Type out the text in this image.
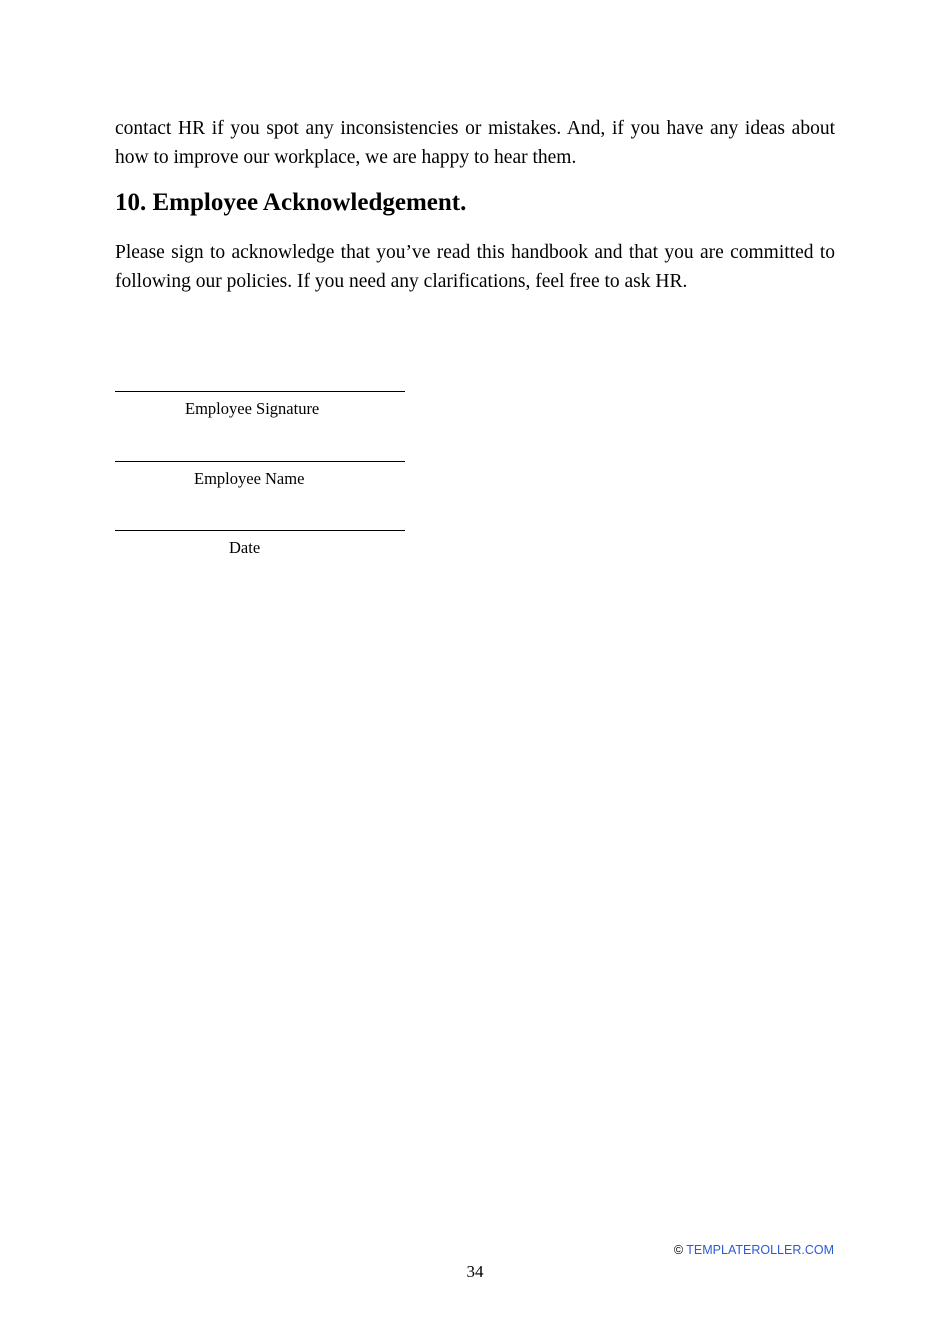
contact HR if you spot any inconsistencies or mistakes. And, if you have any ideas about how to improve our workplace, we are happy to hear them.

10. Employee Acknowledgement.

Please sign to acknowledge that you’ve read this handbook and that you are committed to following our policies. If you need any clarifications, feel free to ask HR.

Employee Signature
Employee Name
Date
© TEMPLATEROLLER.COM
34
